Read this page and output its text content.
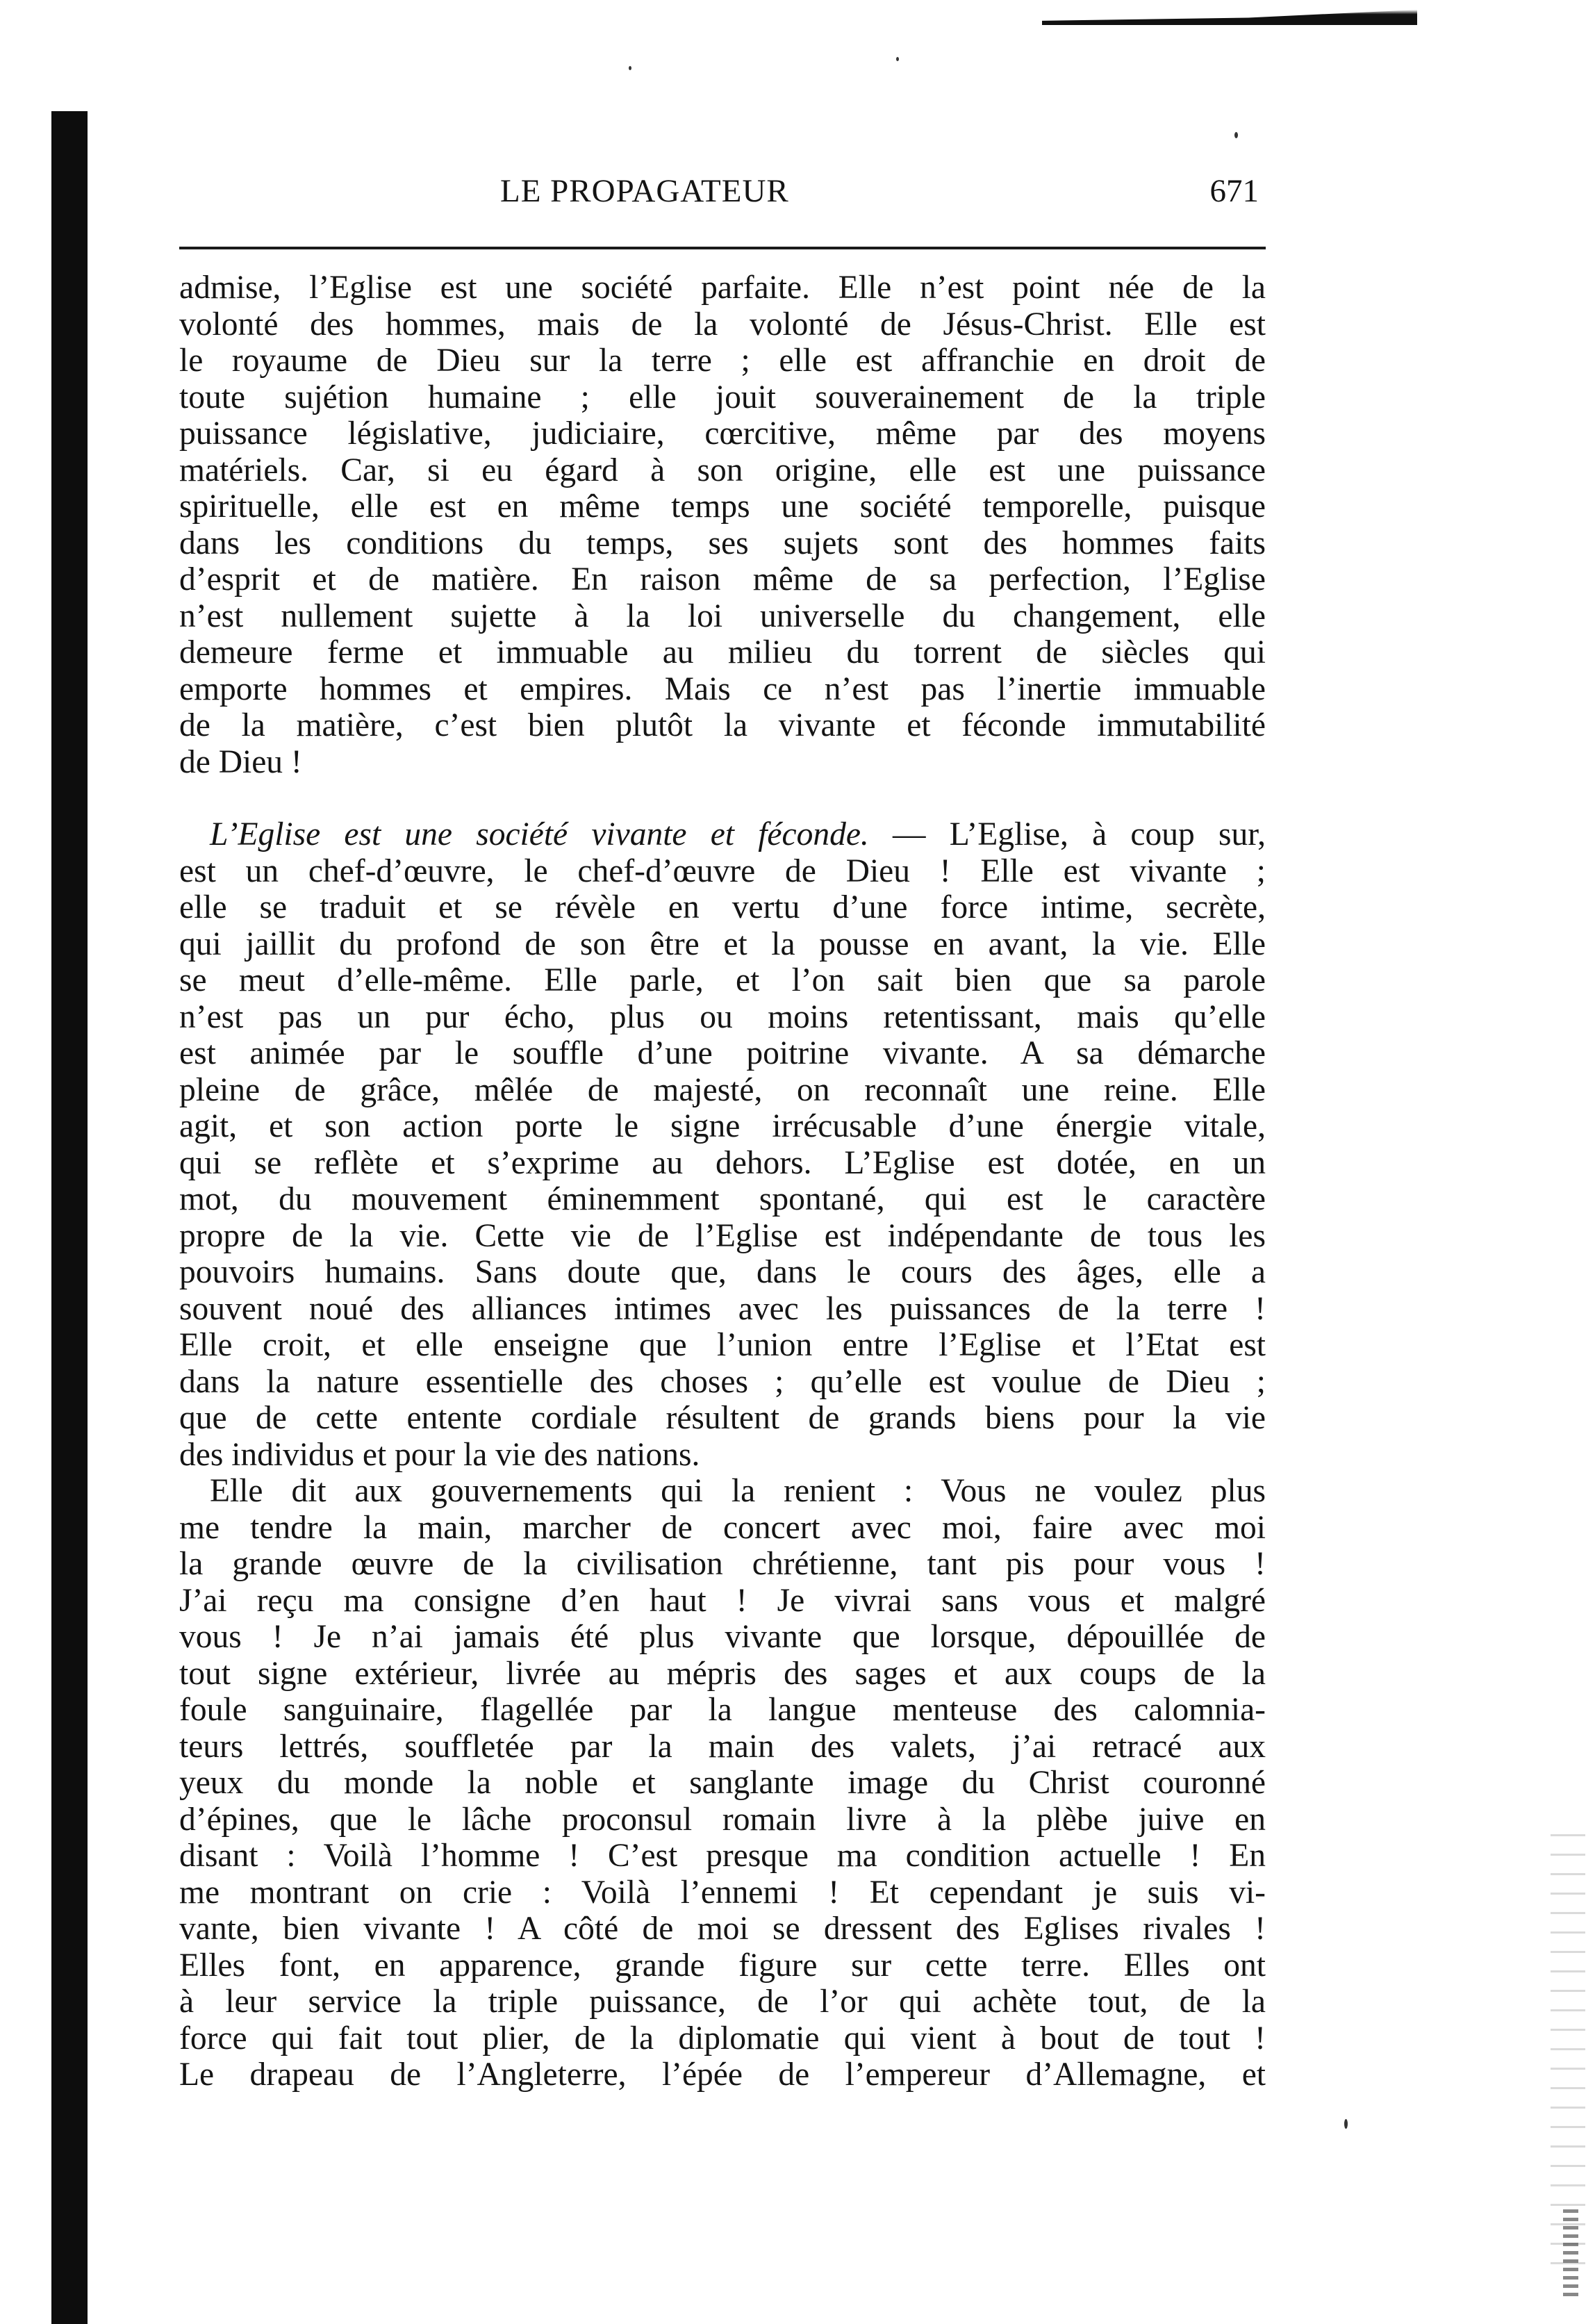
LE PROPAGATEUR	671
admise, l’Eglise est une société parfaite. Elle n’est point née de la
volonté des hommes, mais de la volonté de Jésus-Christ. Elle est
le royaume de Dieu sur la terre ; elle est affranchie en droit de
toute sujétion humaine ; elle jouit souverainement de la triple
puissance législative, judiciaire, cœrcitive, même par des moyens
matériels. Car, si eu égard à son origine, elle est une puissance
spirituelle, elle est en même temps une société temporelle, puisque
dans les conditions du temps, ses sujets sont des hommes faits
d’esprit et de matière. En raison même de sa perfection, l’Eglise
n’est nullement sujette à la loi universelle du changement, elle
demeure ferme et immuable au milieu du torrent de siècles qui
emporte hommes et empires. Mais ce n’est pas l’inertie immuable
de la matière, c’est bien plutôt la vivante et féconde immutabilité
de Dieu !
L’Eglise est une société vivante et féconde. — L’Eglise, à coup sur,
est un chef-d’œuvre, le chef-d’œuvre de Dieu ! Elle est vivante ;
elle se traduit et se révèle en vertu d’une force intime, secrète,
qui jaillit du profond de son être et la pousse en avant, la vie. Elle
se meut d’elle-même. Elle parle, et l’on sait bien que sa parole
n’est pas un pur écho, plus ou moins retentissant, mais qu’elle
est animée par le souffle d’une poitrine vivante. A sa démarche
pleine de grâce, mêlée de majesté, on reconnaît une reine. Elle
agit, et son action porte le signe irrécusable d’une énergie vitale,
qui se reflète et s’exprime au dehors. L’Eglise est dotée, en un
mot, du mouvement éminemment spontané, qui est le caractère
propre de la vie. Cette vie de l’Eglise est indépendante de tous les
pouvoirs humains. Sans doute que, dans le cours des âges, elle a
souvent noué des alliances intimes avec les puissances de la terre !
Elle croit, et elle enseigne que l’union entre l’Eglise et l’Etat est
dans la nature essentielle des choses ; qu’elle est voulue de Dieu ;
que de cette entente cordiale résultent de grands biens pour la vie
des individus et pour la vie des nations.
Elle dit aux gouvernements qui la renient : Vous ne voulez plus
me tendre la main, marcher de concert avec moi, faire avec moi
la grande œuvre de la civilisation chrétienne, tant pis pour vous !
J’ai reçu ma consigne d’en haut ! Je vivrai sans vous et malgré
vous ! Je n’ai jamais été plus vivante que lorsque, dépouillée de
tout signe extérieur, livrée au mépris des sages et aux coups de la
foule sanguinaire, flagellée par la langue menteuse des calomnia-
teurs lettrés, souffletée par la main des valets, j’ai retracé aux
yeux du monde la noble et sanglante image du Christ couronné
d’épines, que le lâche proconsul romain livre à la plèbe juive en
disant : Voilà l’homme ! C’est presque ma condition actuelle ! En
me montrant on crie : Voilà l’ennemi ! Et cependant je suis vi-
vante, bien vivante ! A côté de moi se dressent des Eglises rivales !
Elles font, en apparence, grande figure sur cette terre. Elles ont
à leur service la triple puissance, de l’or qui achète tout, de la
force qui fait tout plier, de la diplomatie qui vient à bout de tout !
Le drapeau de l’Angleterre, l’épée de l’empereur d’Allemagne, et
